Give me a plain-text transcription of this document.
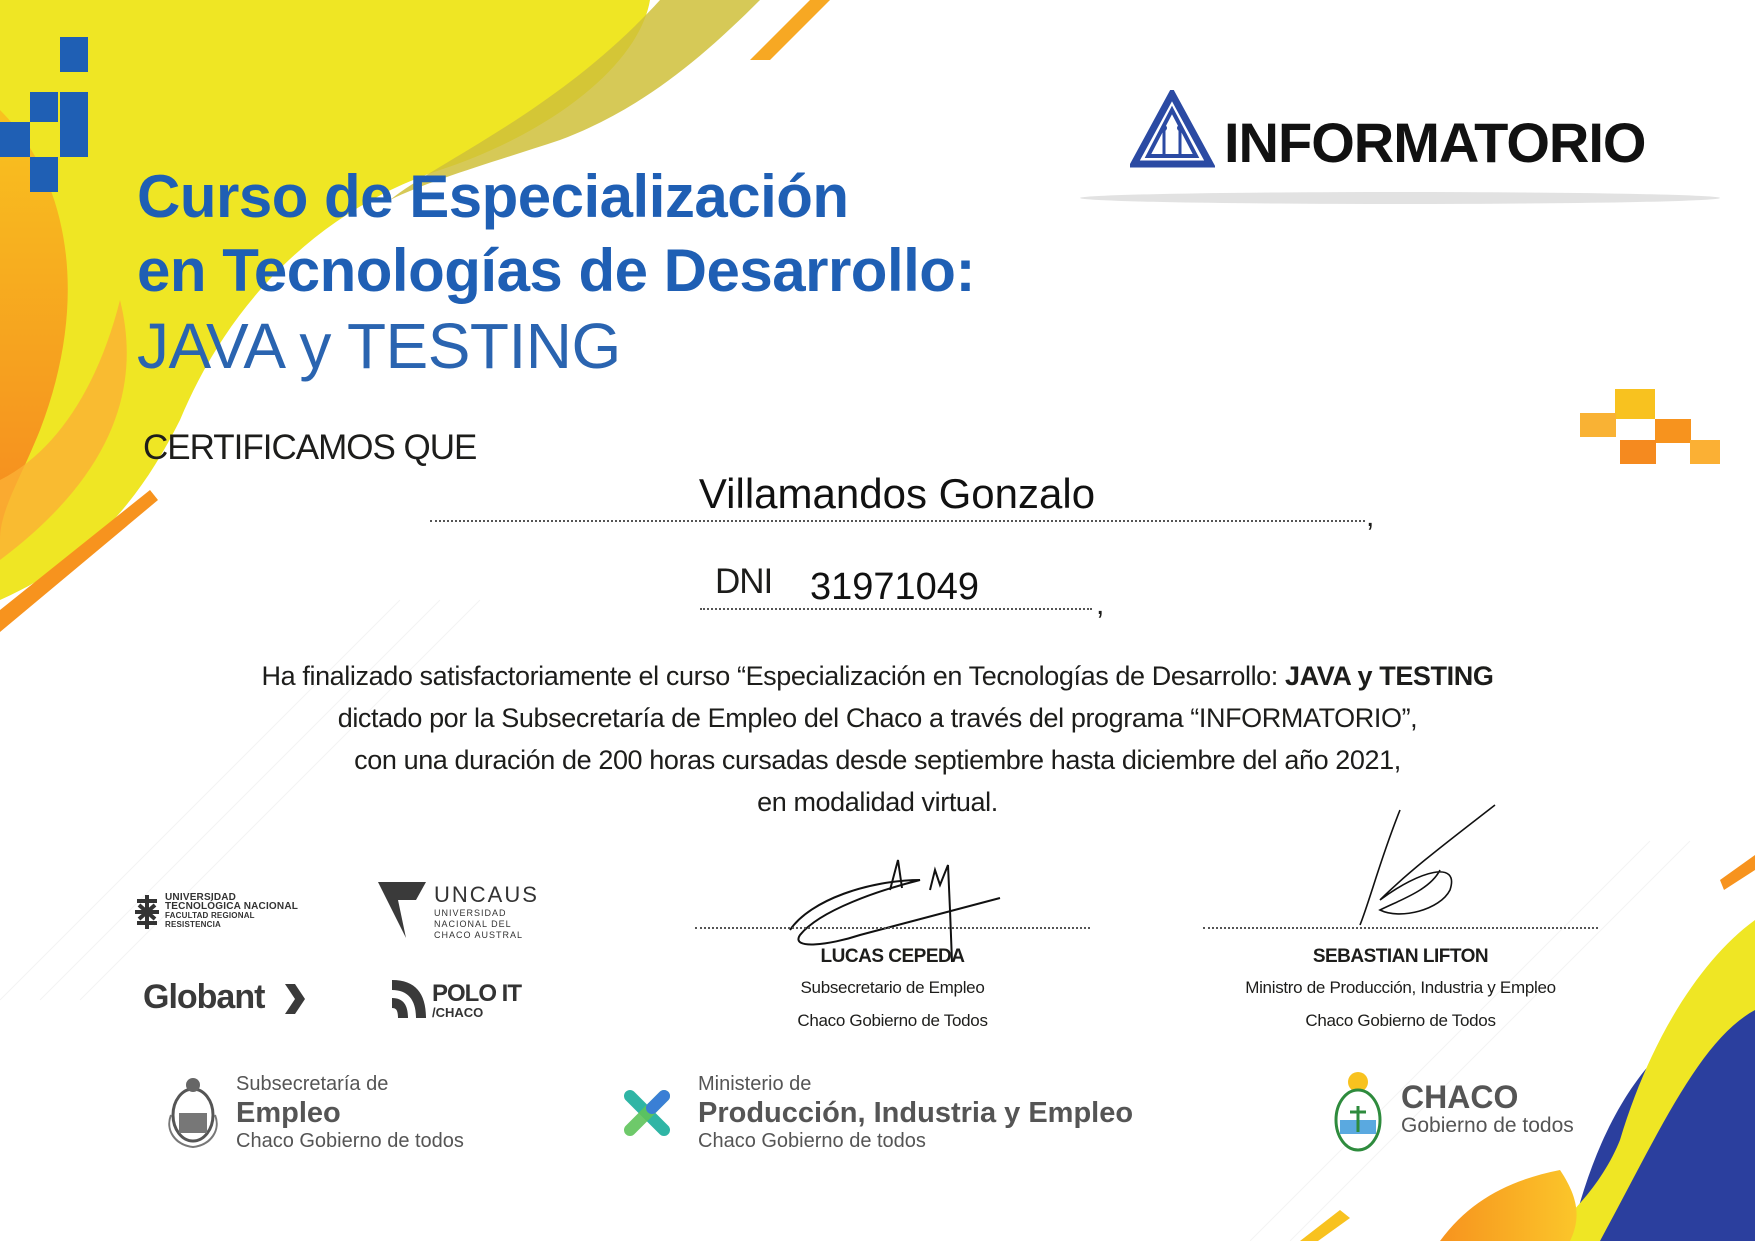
INFORMATORIO
Curso de Especialización
en Tecnologías de Desarrollo:
JAVA y TESTING
CERTIFICAMOS QUE
Villamandos Gonzalo	,
DNI 31971049	,
Ha finalizado satisfactoriamente el curso “Especialización en Tecnologías de Desarrollo: JAVA y TESTING
dictado por la Subsecretaría de Empleo del Chaco a través del programa “INFORMATORIO”,
con una duración de 200 horas cursadas desde septiembre hasta diciembre del año 2021,
en modalidad virtual.
LUCAS CEPEDA
Subsecretario de Empleo
Chaco Gobierno de Todos
SEBASTIAN LIFTON
Ministro de Producción, Industria y Empleo
Chaco Gobierno de Todos
UNIVERSIDAD
TECNOLÓGICA NACIONAL
FACULTAD REGIONAL
RESISTENCIA
UNCAUS
UNIVERSIDAD
NACIONAL DEL
CHACO AUSTRAL
Globant	POLO IT
/CHACO
Subsecretaría de
Empleo
Chaco Gobierno de todos
Ministerio de
Producción, Industria y Empleo
Chaco Gobierno de todos
CHACO
Gobierno de todos
